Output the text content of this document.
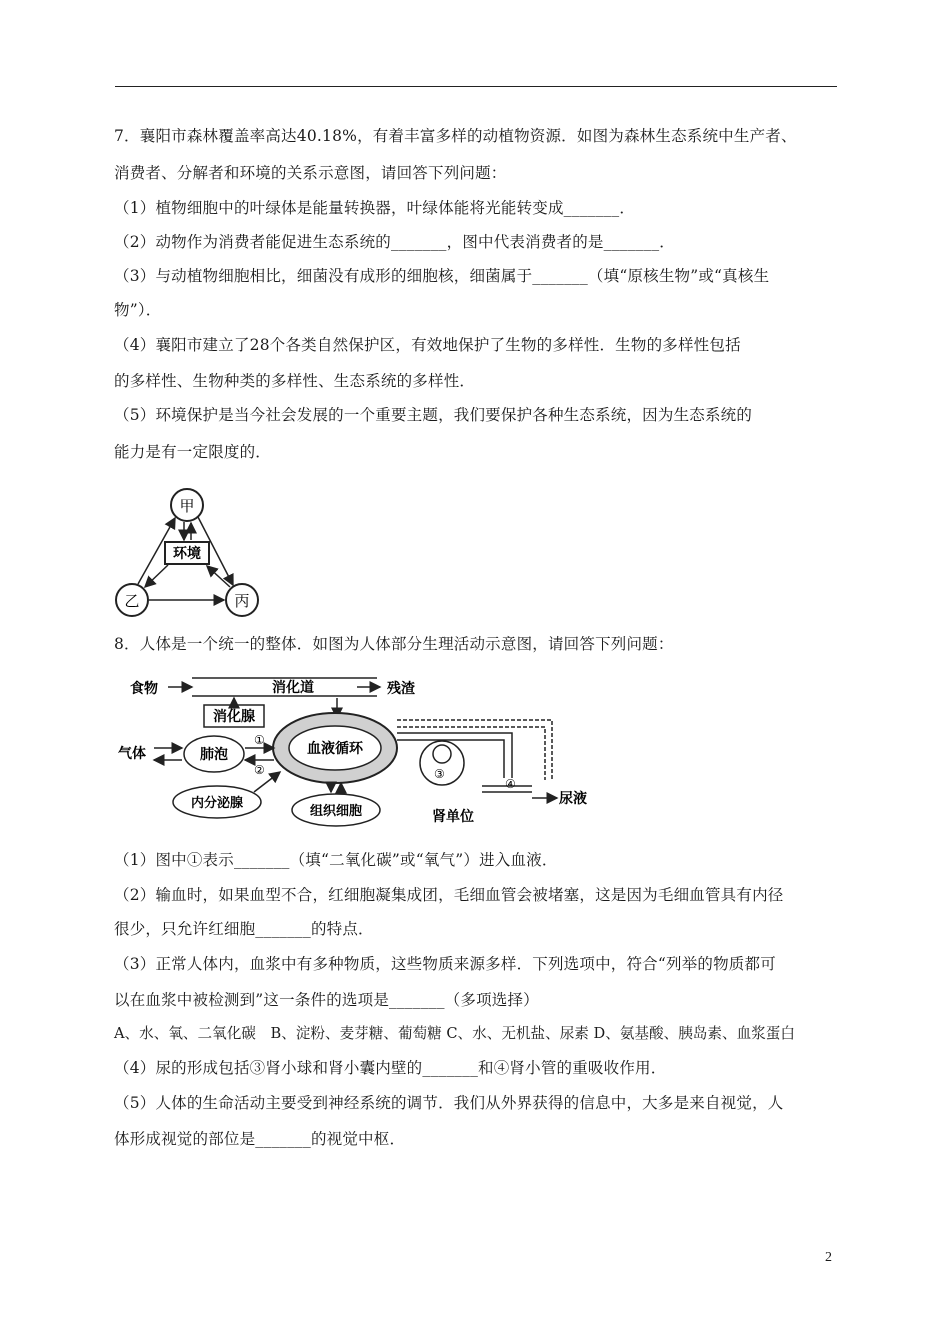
7．襄阳市森林覆盖率高达40.18%，有着丰富多样的动植物资源．如图为森林生态系统中生产者、
消费者、分解者和环境的关系示意图，请回答下列问题：
（1）植物细胞中的叶绿体是能量转换器，叶绿体能将光能转变成_______．
（2）动物作为消费者能促进生态系统的_______，图中代表消费者的是_______．
（3）与动植物细胞相比，细菌没有成形的细胞核，细菌属于_______（填“原核生物”或“真核生
物”）．
（4）襄阳市建立了28个各类自然保护区，有效地保护了生物的多样性．生物的多样性包括
的多样性、生物种类的多样性、生态系统的多样性．
（5）环境保护是当今社会发展的一个重要主题，我们要保护各种生态系统，因为生态系统的
能力是有一定限度的．
甲
乙	丙
环境
8．人体是一个统一的整体．如图为人体部分生理活动示意图，请回答下列问题：
食物	消化道	残渣
消化腺
血液循环
气体	肺泡
①
②
内分泌腺
组织细胞
③
④
尿液
肾单位
（1）图中①表示_______（填“二氧化碳”或“氧气”）进入血液．
（2）输血时，如果血型不合，红细胞凝集成团，毛细血管会被堵塞，这是因为毛细血管具有内径
很少，只允许红细胞_______的特点．
（3）正常人体内，血浆中有多种物质，这些物质来源多样．下列选项中，符合“列举的物质都可
以在血浆中被检测到”这一条件的选项是_______（多项选择）
A、水、氧、二氧化碳　B、淀粉、麦芽糖、葡萄糖 C、水、无机盐、尿素 D、氨基酸、胰岛素、血浆蛋白
（4）尿的形成包括③肾小球和肾小囊内壁的_______和④肾小管的重吸收作用．
（5）人体的生命活动主要受到神经系统的调节．我们从外界获得的信息中，大多是来自视觉，人
体形成视觉的部位是_______的视觉中枢．
2
